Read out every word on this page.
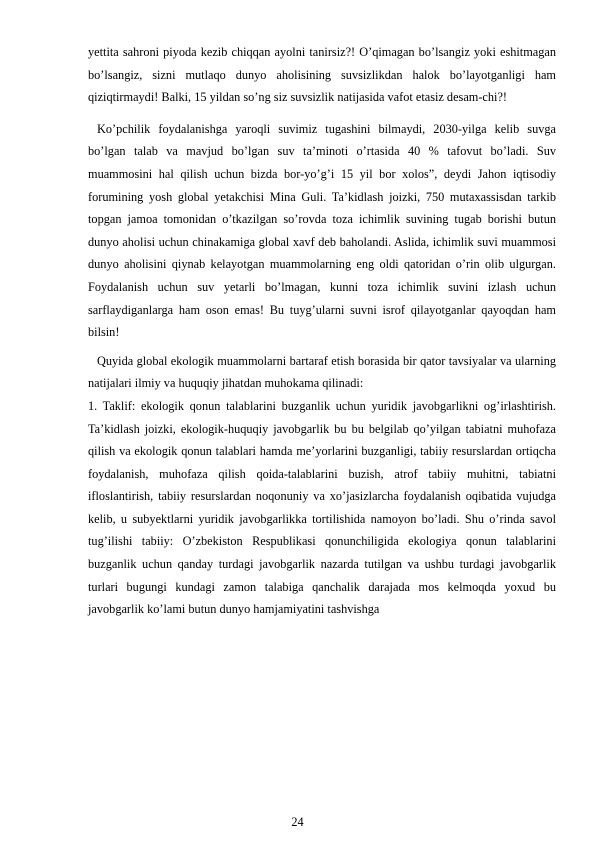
yettita sahroni piyoda kezib chiqqan ayolni tanirsiz?! O’qimagan bo’lsangiz yoki eshitmagan bo’lsangiz, sizni mutlaqo dunyo aholisining suvsizlikdan halok bo’layotganligi ham qiziqtirmaydi! Balki, 15 yildan so’ng siz suvsizlik natijasida vafot etasiz desam-chi?!

Ko’pchilik foydalanishga yaroqli suvimiz tugashini bilmaydi, 2030-yilga kelib suvga bo’lgan talab va mavjud bo’lgan suv ta’minoti o’rtasida 40 % tafovut bo’ladi. Suv muammosini hal qilish uchun bizda bor-yo’g’i 15 yil bor xolos”, deydi Jahon iqtisodiy forumining yosh global yetakchisi Mina Guli. Ta’kidlash joizki, 750 mutaxassisdan tarkib topgan jamoa tomonidan o’tkazilgan so’rovda toza ichimlik suvining tugab borishi butun dunyo aholisi uchun chinakamiga global xavf deb baholandi. Aslida, ichimlik suvi muammosi dunyo aholisini qiynab kelayotgan muammolarning eng oldi qatoridan o’rin olib ulgurgan. Foydalanish uchun suv yetarli bo’lmagan, kunni toza ichimlik suvini izlash uchun sarflaydiganlarga ham oson emas! Bu tuyg’ularni suvni isrof qilayotganlar qayoqdan ham bilsin!

Quyida global ekologik muammolarni bartaraf etish borasida bir qator tavsiyalar va ularning natijalari ilmiy va huquqiy jihatdan muhokama qilinadi:

1. Taklif: ekologik qonun talablarini buzganlik uchun yuridik javobgarlikni og’irlashtirish. Ta’kidlash joizki, ekologik-huquqiy javobgarlik bu bu belgilab qo’yilgan tabiatni muhofaza qilish va ekologik qonun talablari hamda me’yorlarini buzganligi, tabiiy resurslardan ortiqcha foydalanish, muhofaza qilish qoida-talablarini buzish, atrof tabiiy muhitni, tabiatni ifloslantirish, tabiiy resurslardan noqonuniy va xo’jasizlarcha foydalanish oqibatida vujudga kelib, u subyektlarni yuridik javobgarlikka tortilishida namoyon bo’ladi. Shu o’rinda savol tug’ilishi tabiiy: O’zbekiston Respublikasi qonunchiligida ekologiya qonun talablarini buzganlik uchun qanday turdagi javobgarlik nazarda tutilgan va ushbu turdagi javobgarlik turlari bugungi kundagi zamon talabiga qanchalik darajada mos kelmoqda yoxud bu javobgarlik ko’lami butun dunyo hamjamiyatini tashvishga

24
